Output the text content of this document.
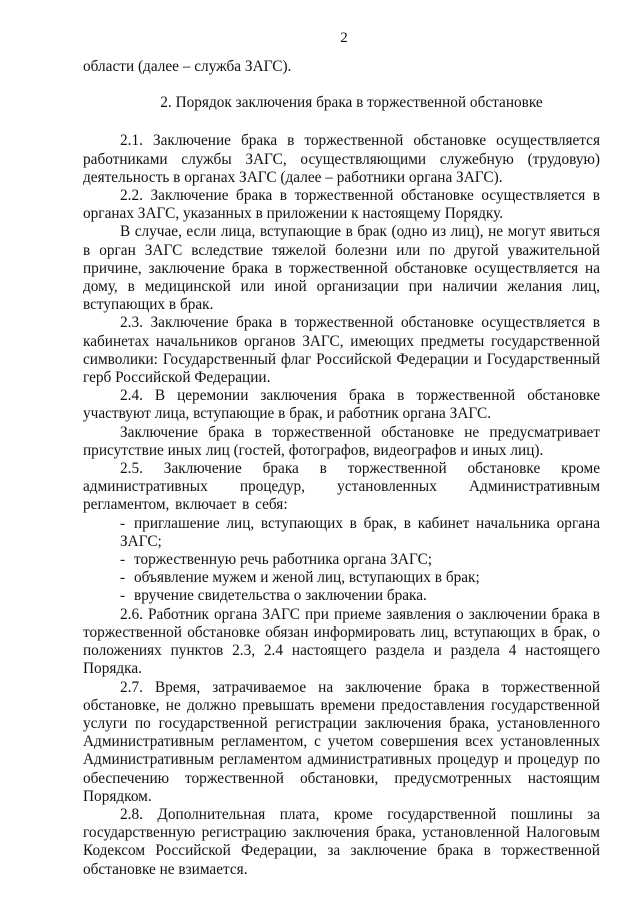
2

области (далее – служба ЗАГС).

2. Порядок заключения брака в торжественной обстановке

2.1. Заключение брака в торжественной обстановке осуществляется работниками службы ЗАГС, осуществляющими служебную (трудовую) деятельность в органах ЗАГС (далее – работники органа ЗАГС).

2.2. Заключение брака в торжественной обстановке осуществляется в органах ЗАГС, указанных в приложении к настоящему Порядку.

В случае, если лица, вступающие в брак (одно из лиц), не могут явиться в орган ЗАГС вследствие тяжелой болезни или по другой уважительной причине, заключение брака в торжественной обстановке осуществляется на дому, в медицинской или иной организации при наличии желания лиц, вступающих в брак.

2.3. Заключение брака в торжественной обстановке осуществляется в кабинетах начальников органов ЗАГС, имеющих предметы государственной символики: Государственный флаг Российской Федерации и Государственный герб Российской Федерации.

2.4. В церемонии заключения брака в торжественной обстановке участвуют лица, вступающие в брак, и работник органа ЗАГС.

Заключение брака в торжественной обстановке не предусматривает присутствие иных лиц (гостей, фотографов, видеографов и иных лиц).

2.5. Заключение брака в торжественной обстановке кроме административных процедур, установленных Административным регламентом, включает в себя:

- приглашение лиц, вступающих в брак, в кабинет начальника органа ЗАГС;

- торжественную речь работника органа ЗАГС;

- объявление мужем и женой лиц, вступающих в брак;

- вручение свидетельства о заключении брака.

2.6. Работник органа ЗАГС при приеме заявления о заключении брака в торжественной обстановке обязан информировать лиц, вступающих в брак, о положениях пунктов 2.3, 2.4 настоящего раздела и раздела 4 настоящего Порядка.

2.7. Время, затрачиваемое на заключение брака в торжественной обстановке, не должно превышать времени предоставления государственной услуги по государственной регистрации заключения брака, установленного Административным регламентом, с учетом совершения всех установленных Административным регламентом административных процедур и процедур по обеспечению торжественной обстановки, предусмотренных настоящим Порядком.

2.8. Дополнительная плата, кроме государственной пошлины за государственную регистрацию заключения брака, установленной Налоговым Кодексом Российской Федерации, за заключение брака в торжественной обстановке не взимается.
